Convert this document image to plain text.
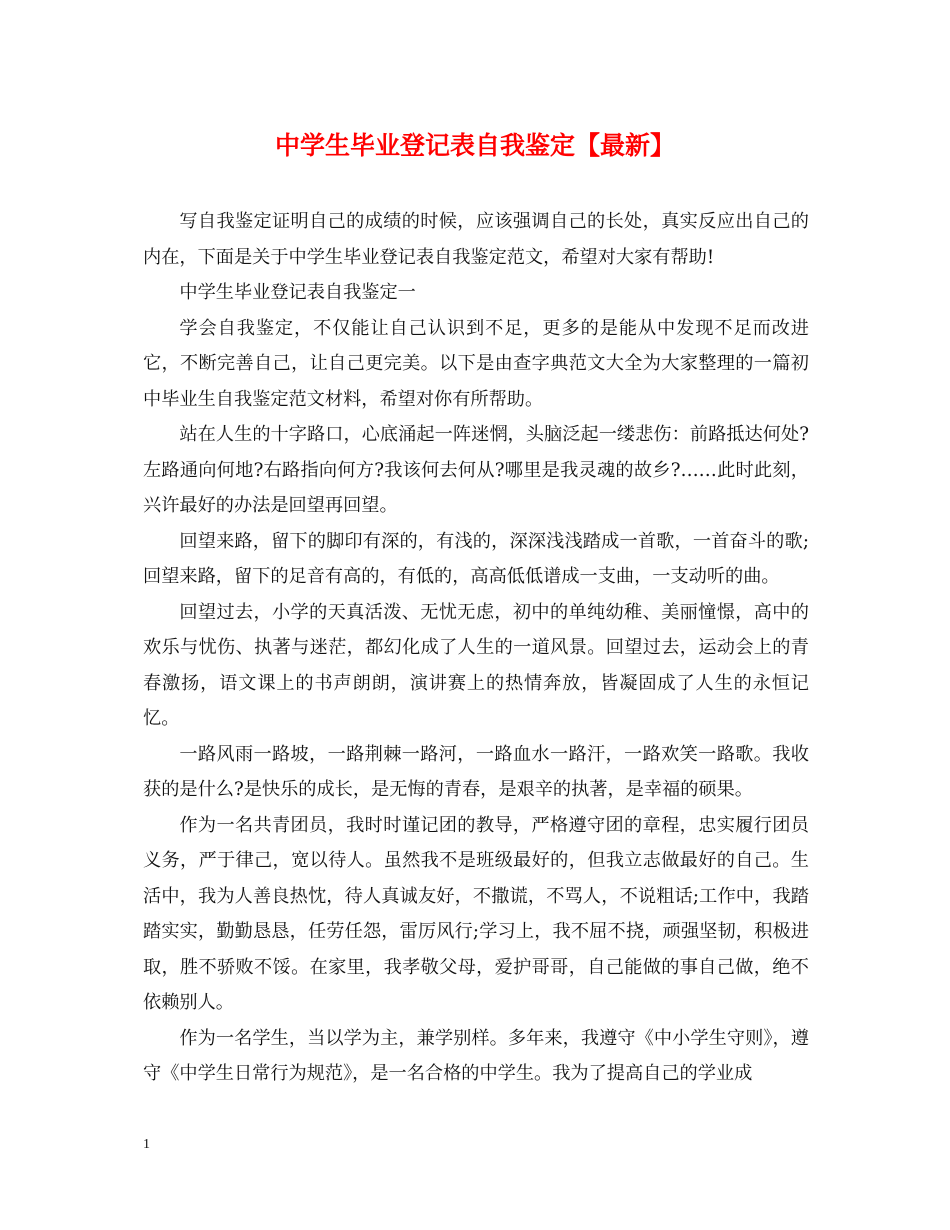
中学生毕业登记表自我鉴定【最新】

写自我鉴定证明自己的成绩的时候，应该强调自己的长处，真实反应出自己的内在，下面是关于中学生毕业登记表自我鉴定范文，希望对大家有帮助!

中学生毕业登记表自我鉴定一

学会自我鉴定，不仅能让自己认识到不足，更多的是能从中发现不足而改进它，不断完善自己，让自己更完美。以下是由查字典范文大全为大家整理的一篇初中毕业生自我鉴定范文材料，希望对你有所帮助。

站在人生的十字路口，心底涌起一阵迷惘，头脑泛起一缕悲伤：前路抵达何处?左路通向何地?右路指向何方?我该何去何从?哪里是我灵魂的故乡?……此时此刻，兴许最好的办法是回望再回望。

回望来路，留下的脚印有深的，有浅的，深深浅浅踏成一首歌，一首奋斗的歌;回望来路，留下的足音有高的，有低的，高高低低谱成一支曲，一支动听的曲。

回望过去，小学的天真活泼、无忧无虑，初中的单纯幼稚、美丽憧憬，高中的欢乐与忧伤、执著与迷茫，都幻化成了人生的一道风景。回望过去，运动会上的青春激扬，语文课上的书声朗朗，演讲赛上的热情奔放，皆凝固成了人生的永恒记忆。

一路风雨一路坡，一路荆棘一路河，一路血水一路汗，一路欢笑一路歌。我收获的是什么?是快乐的成长，是无悔的青春，是艰辛的执著，是幸福的硕果。

作为一名共青团员，我时时谨记团的教导，严格遵守团的章程，忠实履行团员义务，严于律己，宽以待人。虽然我不是班级最好的，但我立志做最好的自己。生活中，我为人善良热忱，待人真诚友好，不撒谎，不骂人，不说粗话;工作中，我踏踏实实，勤勤恳恳，任劳任怨，雷厉风行;学习上，我不屈不挠，顽强坚韧，积极进取，胜不骄败不馁。在家里，我孝敬父母，爱护哥哥，自己能做的事自己做，绝不依赖别人。

作为一名学生，当以学为主，兼学别样。多年来，我遵守《中小学生守则》，遵守《中学生日常行为规范》，是一名合格的中学生。我为了提高自己的学业成

1
